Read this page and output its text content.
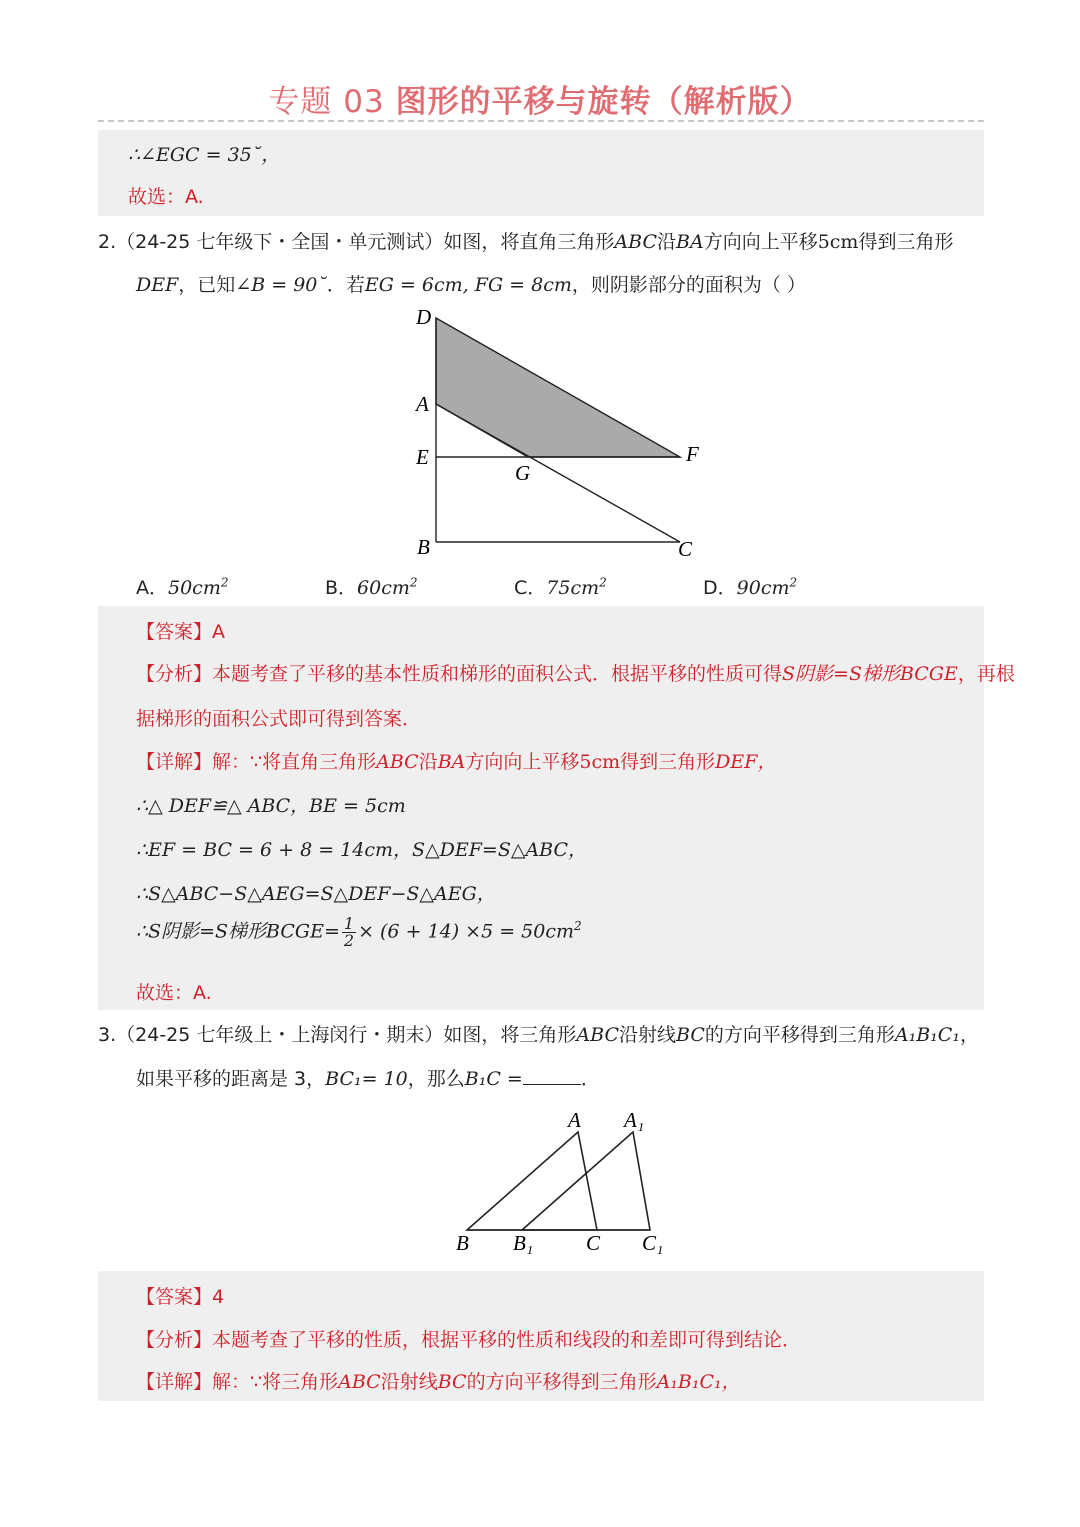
专题 03 图形的平移与旋转（解析版）
∴∠EGC = 35˘，
故选：A.
2.（24-25 七年级下・全国・单元测试）如图，将直角三角形ABC沿BA方向向上平移5cm得到三角形
DEF，已知∠B = 90˘．若EG = 6cm, FG = 8cm，则阴影部分的面积为（ ）
D
A
E
G
F
B	C
A．$50cm^2$	B．$60cm^2$	C．$75cm^2$	D．$90cm^2$
【答案】A
【分析】本题考查了平移的基本性质和梯形的面积公式．根据平移的性质可得S阴影=S梯形BCGE，再根
据梯形的面积公式即可得到答案．
【详解】解：∵将直角三角形ABC沿BA方向向上平移5cm得到三角形DEF，
∴△ DEF≌△ ABC，BE = 5cm
∴EF = BC = 6 + 8 = 14cm，S△DEF=S△ABC，
∴S△ABC−S△AEG=S△DEF−S△AEG，
∴S阴影=S梯形BCGE= $\frac{1}{2} \times (6 + 14) \times 5 = 50cm^2$
故选：A.
3.（24-25 七年级上・上海闵行・期末）如图，将三角形ABC沿射线BC的方向平移得到三角形A₁B₁C₁，
如果平移的距离是 3，BC₁= 10，那么B₁C =	．
A A₁
B B₁	C C₁
【答案】4
【分析】本题考查了平移的性质，根据平移的性质和线段的和差即可得到结论．
【详解】解：∵将三角形ABC沿射线BC的方向平移得到三角形A₁B₁C₁，
